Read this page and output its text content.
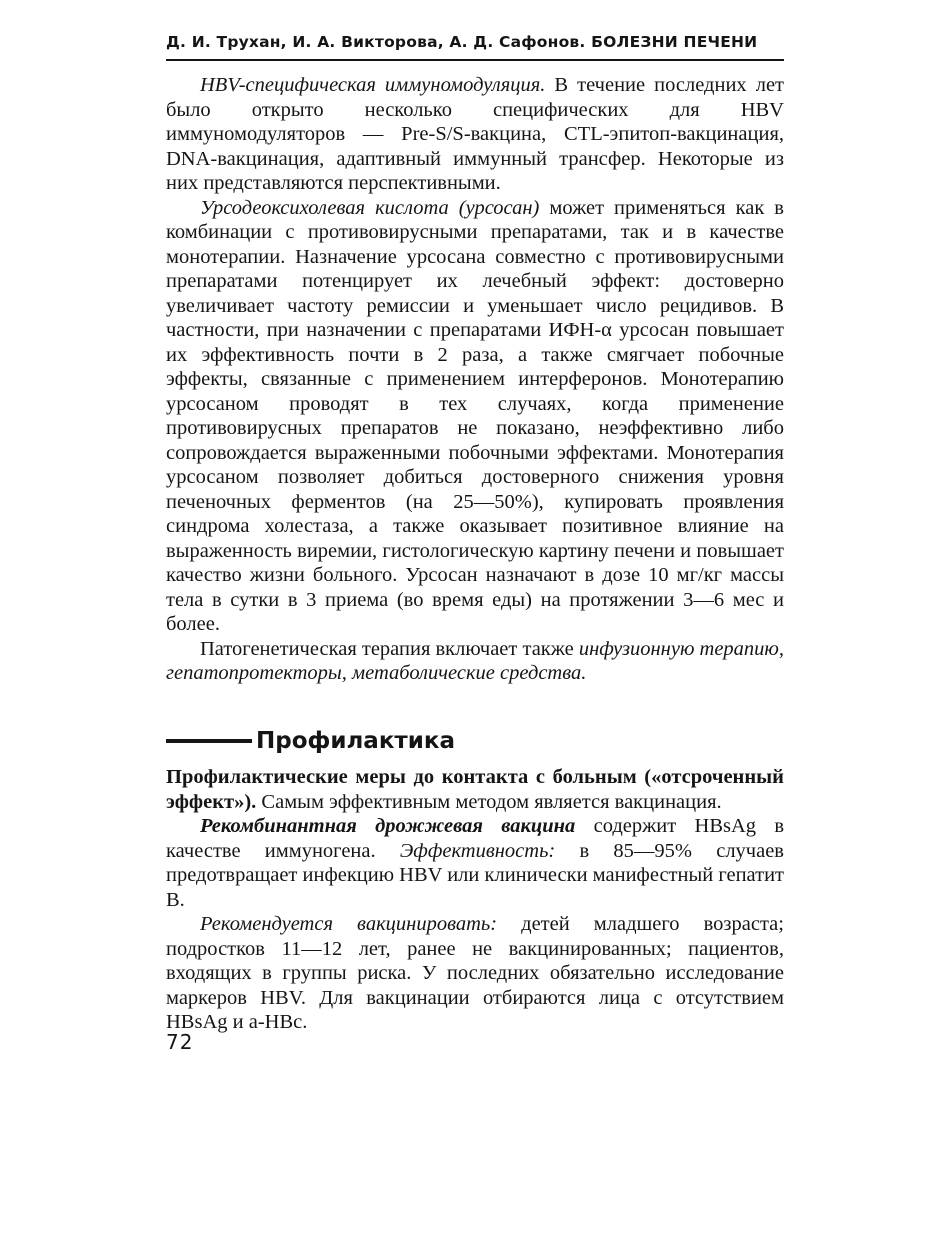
Д. И. Трухан, И. А. Викторова, А. Д. Сафонов. БОЛЕЗНИ ПЕЧЕНИ

HBV-специфическая иммуномодуляция. В течение последних лет было открыто несколько специфических для HBV иммуномодуляторов — Pre-S/S-вакцина, CTL-эпитоп-вакцинация, DNA-вакцинация, адаптивный иммунный трансфер. Некоторые из них представляются перспективными.

Урсодеоксихолевая кислота (урсосан) может применяться как в комбинации с противовирусными препаратами, так и в качестве монотерапии. Назначение урсосана совместно с противовирусными препаратами потенцирует их лечебный эффект: достоверно увеличивает частоту ремиссии и уменьшает число рецидивов. В частности, при назначении с препаратами ИФН-α урсосан повышает их эффективность почти в 2 раза, а также смягчает побочные эффекты, связанные с применением интерферонов. Монотерапию урсосаном проводят в тех случаях, когда применение противовирусных препаратов не показано, неэффективно либо сопровождается выраженными побочными эффектами. Монотерапия урсосаном позволяет добиться достоверного снижения уровня печеночных ферментов (на 25—50%), купировать проявления синдрома холестаза, а также оказывает позитивное влияние на выраженность виремии, гистологическую картину печени и повышает качество жизни больного. Урсосан назначают в дозе 10 мг/кг массы тела в сутки в 3 приема (во время еды) на протяжении 3—6 мес и более.

Патогенетическая терапия включает также инфузионную терапию, гепатопротекторы, метаболические средства.

Профилактика

Профилактические меры до контакта с больным («отсроченный эффект»). Самым эффективным методом является вакцинация.

Рекомбинантная дрожжевая вакцина содержит HBsAg в качестве иммуногена. Эффективность: в 85—95% случаев предотвращает инфекцию HBV или клинически манифестный гепатит B.

Рекомендуется вакцинировать: детей младшего возраста; подростков 11—12 лет, ранее не вакцинированных; пациентов, входящих в группы риска. У последних обязательно исследование маркеров HBV. Для вакцинации отбираются лица с отсутствием HBsAg и a-HBc.

72
